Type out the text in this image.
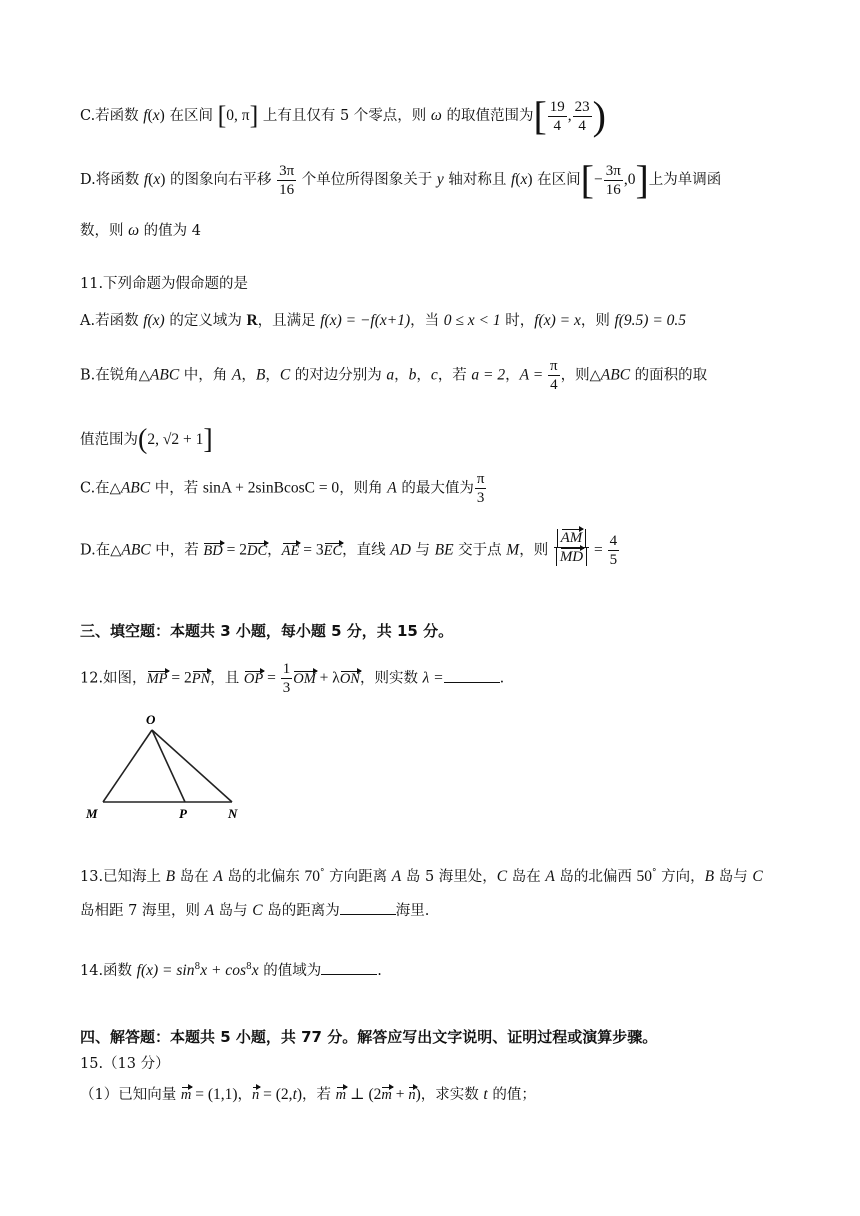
C.若函数 f(x) 在区间 [0, π] 上有且仅有 5 个零点，则 ω 的取值范围为[ $\frac{19}{4}$ , $\frac{23}{4}$ )
D.将函数 f(x) 的图象向右平移 $\frac{3\pi}{16}$ 个单位所得图象关于 y 轴对称且 f(x) 在区间[− $\frac{3\pi}{16} ,0$]上为单调函
数，则 ω 的值为 4
11.下列命题为假命题的是
A.若函数 f(x) 的定义域为 R，且满足 f(x) = −f(x+1)，当 0 ≤ x < 1 时，f(x) = x，则 f(9.5) = 0.5
B.在锐角△ABC 中，角 A，B，C 的对边分别为 a，b，c，若 a = 2，$A = \frac{\pi}{4}$ ，则△ABC 的面积的取
值范围为(2, √2 + 1]
C.在△ABC 中，若 sinA + 2sinBcosC = 0，则角 A 的最大值为 $\frac{\pi}{3}$
D.在△ABC 中，若 BD = 2DC，AE = 3EC，直线 AD 与 BE 交于点 M，则 $\frac{AM}{MD} = \frac{4}{5}$
三、填空题：本题共 3 小题，每小题 5 分，共 15 分。
12.如图，MP = 2PN，且 OP = $\frac{1}{3}$ OM + λON，则实数 λ =	.
O
M	P	N
13.已知海上 B 岛在 A 岛的北偏东 70° 方向距离 A 岛 5 海里处，C 岛在 A 岛的北偏西 50° 方向，B 岛与 C
岛相距 7 海里，则 A 岛与 C 岛的距离为	海里.
14.函数 $f(x) = \sin^8x + \cos^8x$ 的值域为	.
四、解答题：本题共 5 小题，共 77 分。解答应写出文字说明、证明过程或演算步骤。
15.（13 分）
（1）已知向量 m = (1,1)，n = (2,t)，若 m ⊥ (2m + n)，求实数 t 的值；
